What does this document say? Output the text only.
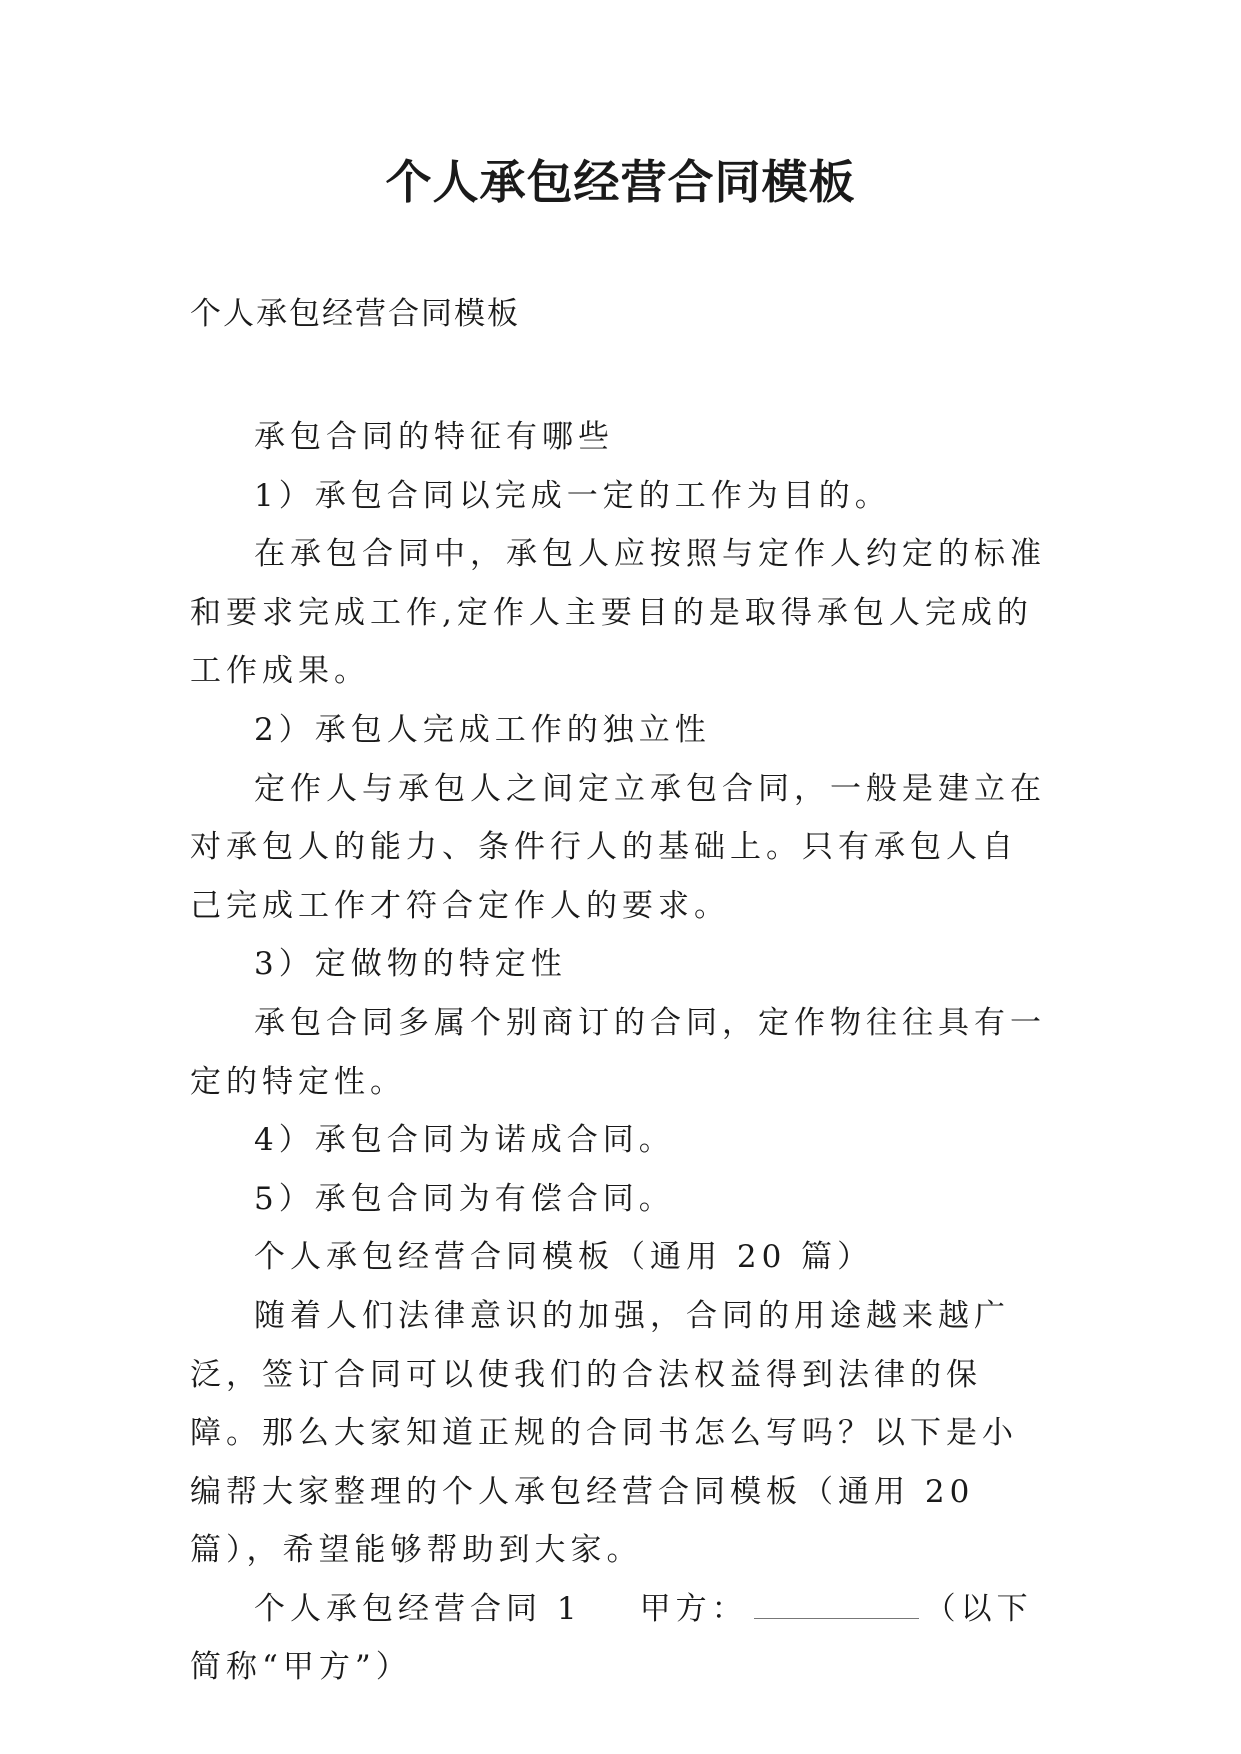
个人承包经营合同模板
个人承包经营合同模板

承包合同的特征有哪些

1）承包合同以完成一定的工作为目的。

在承包合同中，承包人应按照与定作人约定的标准和要求完成工作,定作人主要目的是取得承包人完成的工作成果。

2）承包人完成工作的独立性

定作人与承包人之间定立承包合同，一般是建立在对承包人的能力、条件行人的基础上。只有承包人自己完成工作才符合定作人的要求。

3）定做物的特定性

承包合同多属个别商订的合同，定作物往往具有一定的特定性。

4）承包合同为诺成合同。

5）承包合同为有偿合同。

个人承包经营合同模板（通用 20 篇）

随着人们法律意识的加强，合同的用途越来越广泛，签订合同可以使我们的合法权益得到法律的保障。那么大家知道正规的合同书怎么写吗？以下是小编帮大家整理的个人承包经营合同模板（通用 20 篇），希望能够帮助到大家。

个人承包经营合同 1 甲方：	（以下简称“甲方”）
